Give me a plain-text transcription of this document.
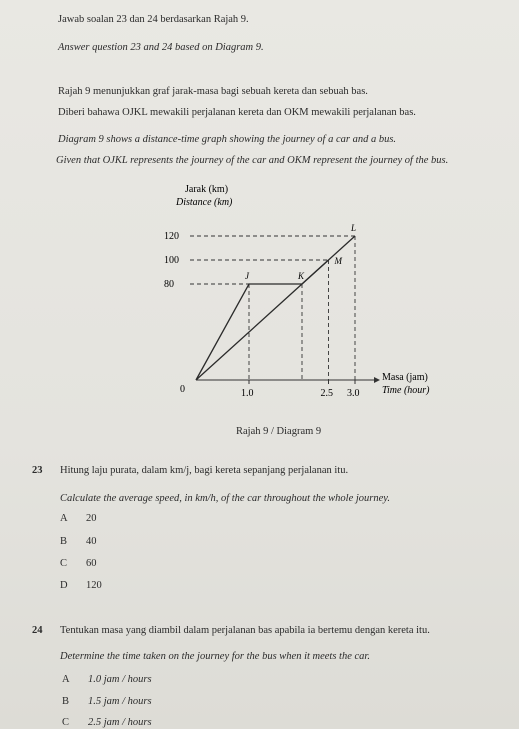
Jawab soalan 23 dan 24 berdasarkan Rajah 9.
Answer question 23 and 24 based on Diagram 9.
Rajah 9 menunjukkan graf jarak-masa bagi sebuah kereta dan sebuah bas.
Diberi bahawa OJKL mewakili perjalanan kereta dan OKM mewakili perjalanan bas.
Diagram 9 shows a distance-time graph showing the journey of a car and a bus.
Given that OJKL represents the journey of the car and OKM represent the journey of the bus.
Jarak (km)
Distance (km)
Masa (jam)
Time (hour)
0
80
100
120
1.0	2.5 3.0
J	K
L
M
Rajah 9 / Diagram 9
23 Hitung laju purata, dalam km/j, bagi kereta sepanjang perjalanan itu.
Calculate the average speed, in km/h, of the car throughout the whole journey.
A 20
B 40
C 60
D 120
24 Tentukan masa yang diambil dalam perjalanan bas apabila ia bertemu dengan kereta itu.
Determine the time taken on the journey for the bus when it meets the car.
A 1.0 jam / hours
B 1.5 jam / hours
C 2.5 jam / hours
